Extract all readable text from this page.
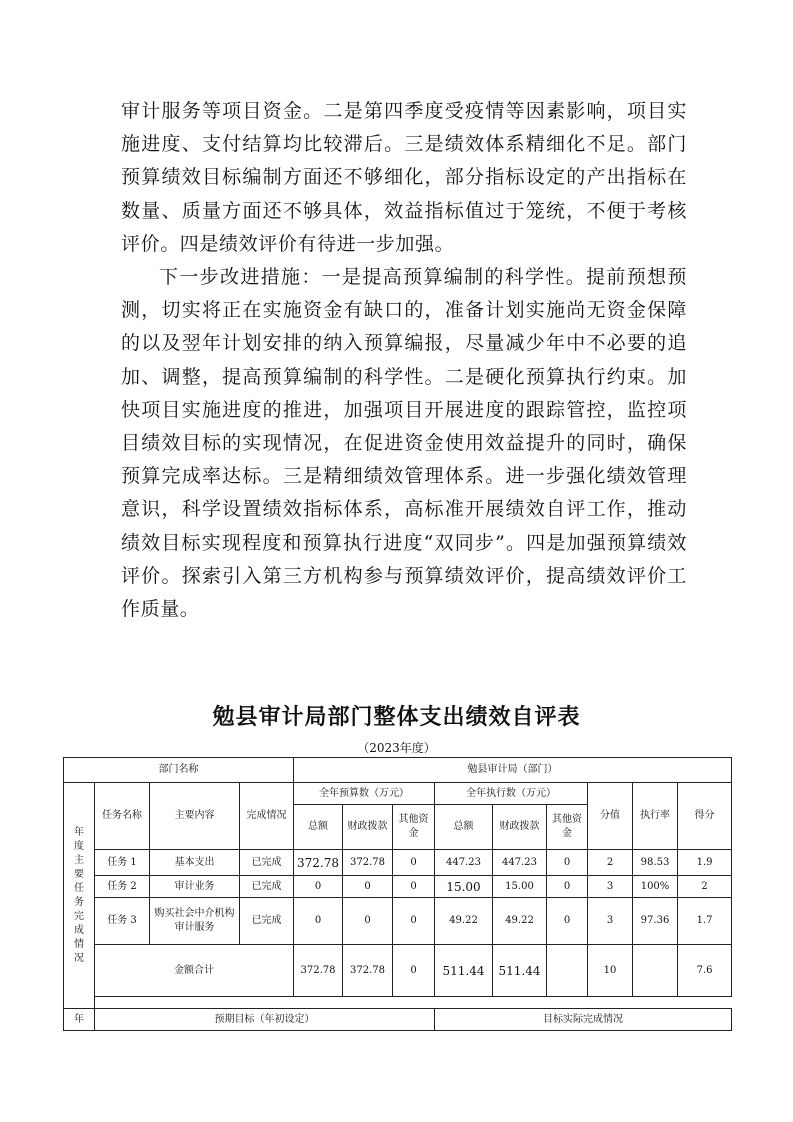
审计服务等项目资金。二是第四季度受疫情等因素影响，项目实施进度、支付结算均比较滞后。三是绩效体系精细化不足。部门预算绩效目标编制方面还不够细化，部分指标设定的产出指标在数量、质量方面还不够具体，效益指标值过于笼统，不便于考核评价。四是绩效评价有待进一步加强。

下一步改进措施：一是提高预算编制的科学性。提前预想预测，切实将正在实施资金有缺口的，准备计划实施尚无资金保障的以及翌年计划安排的纳入预算编报，尽量减少年中不必要的追加、调整，提高预算编制的科学性。二是硬化预算执行约束。加快项目实施进度的推进，加强项目开展进度的跟踪管控，监控项目绩效目标的实现情况，在促进资金使用效益提升的同时，确保预算完成率达标。三是精细绩效管理体系。进一步强化绩效管理意识，科学设置绩效指标体系，高标准开展绩效自评工作，推动绩效目标实现程度和预算执行进度“双同步”。四是加强预算绩效评价。探索引入第三方机构参与预算绩效评价，提高绩效评价工作质量。

勉县审计局部门整体支出绩效自评表
（2023年度）
部门名称				勉县审计局（部门）								

年度主要任务完成情况	任务名称	主要内容	完成情况	全年预算数（万元）			全年执行数（万元）			分值	执行率	得分
				总额	财政拨款	其他资金	总额	财政拨款	其他资金			
	任务 1	基本支出	已完成	372.78	372.78	0	447.23	447.23	0	2	98.53	1.9
	任务 2	审计业务	已完成	0	0	0	15.00	15.00	0	3	100%	2
	任务 3	购买社会中介机构审计服务	已完成	0	0	0	49.22	49.22	0	3	97.36	1.7
	金额合计			372.78	372.78	0	511.44	511.44		10		7.6

年	预期目标（年初设定）						目标实际完成情况					
